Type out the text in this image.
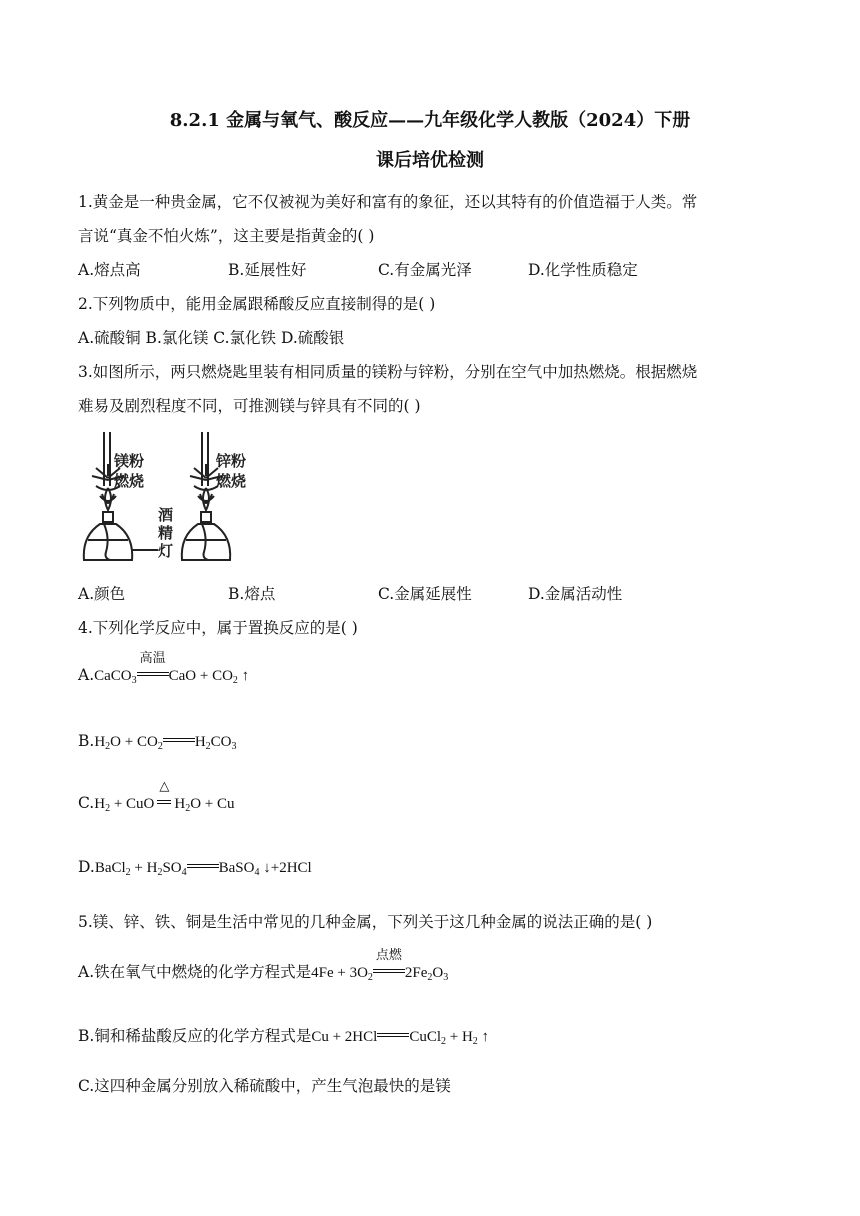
8.2.1 金属与氧气、酸反应——九年级化学人教版（2024）下册
课后培优检测
1.黄金是一种贵金属，它不仅被视为美好和富有的象征，还以其特有的价值造福于人类。常
言说“真金不怕火炼”，这主要是指黄金的( )
A.熔点高	B.延展性好	C.有金属光泽	D.化学性质稳定
2.下列物质中，能用金属跟稀酸反应直接制得的是( )
A.硫酸铜 B.氯化镁 C.氯化铁 D.硫酸银
3.如图所示，两只燃烧匙里装有相同质量的镁粉与锌粉，分别在空气中加热燃烧。根据燃烧
难易及剧烈程度不同，可推测镁与锌具有不同的( )
镁粉
燃烧
锌粉
燃烧
酒
精
灯
A.颜色	B.熔点	C.金属延展性	D.金属活动性
4.下列化学反应中，属于置换反应的是( )
A.CaCO$_3$
高温
CaO + $CO_2$ ↑
$B.H_2O + CO_2$ $H_2CO_3$
$C.H_2$ + CuO
△
$H_2O + Cu$
D.BaCl$_2$ + $H_2SO_4$ BaSO$_4$ ↓+2HCl
5.镁、锌、铁、铜是生活中常见的几种金属，下列关于这几种金属的说法正确的是( )
A.铁在氧气中燃烧的化学方程式是$4Fe + 3O_2$
点燃
$2Fe_2O_3$
B.铜和稀盐酸反应的化学方程式是Cu + 2HCl CuCl$_2$ + $H_2$ ↑
C.这四种金属分别放入稀硫酸中，产生气泡最快的是镁
